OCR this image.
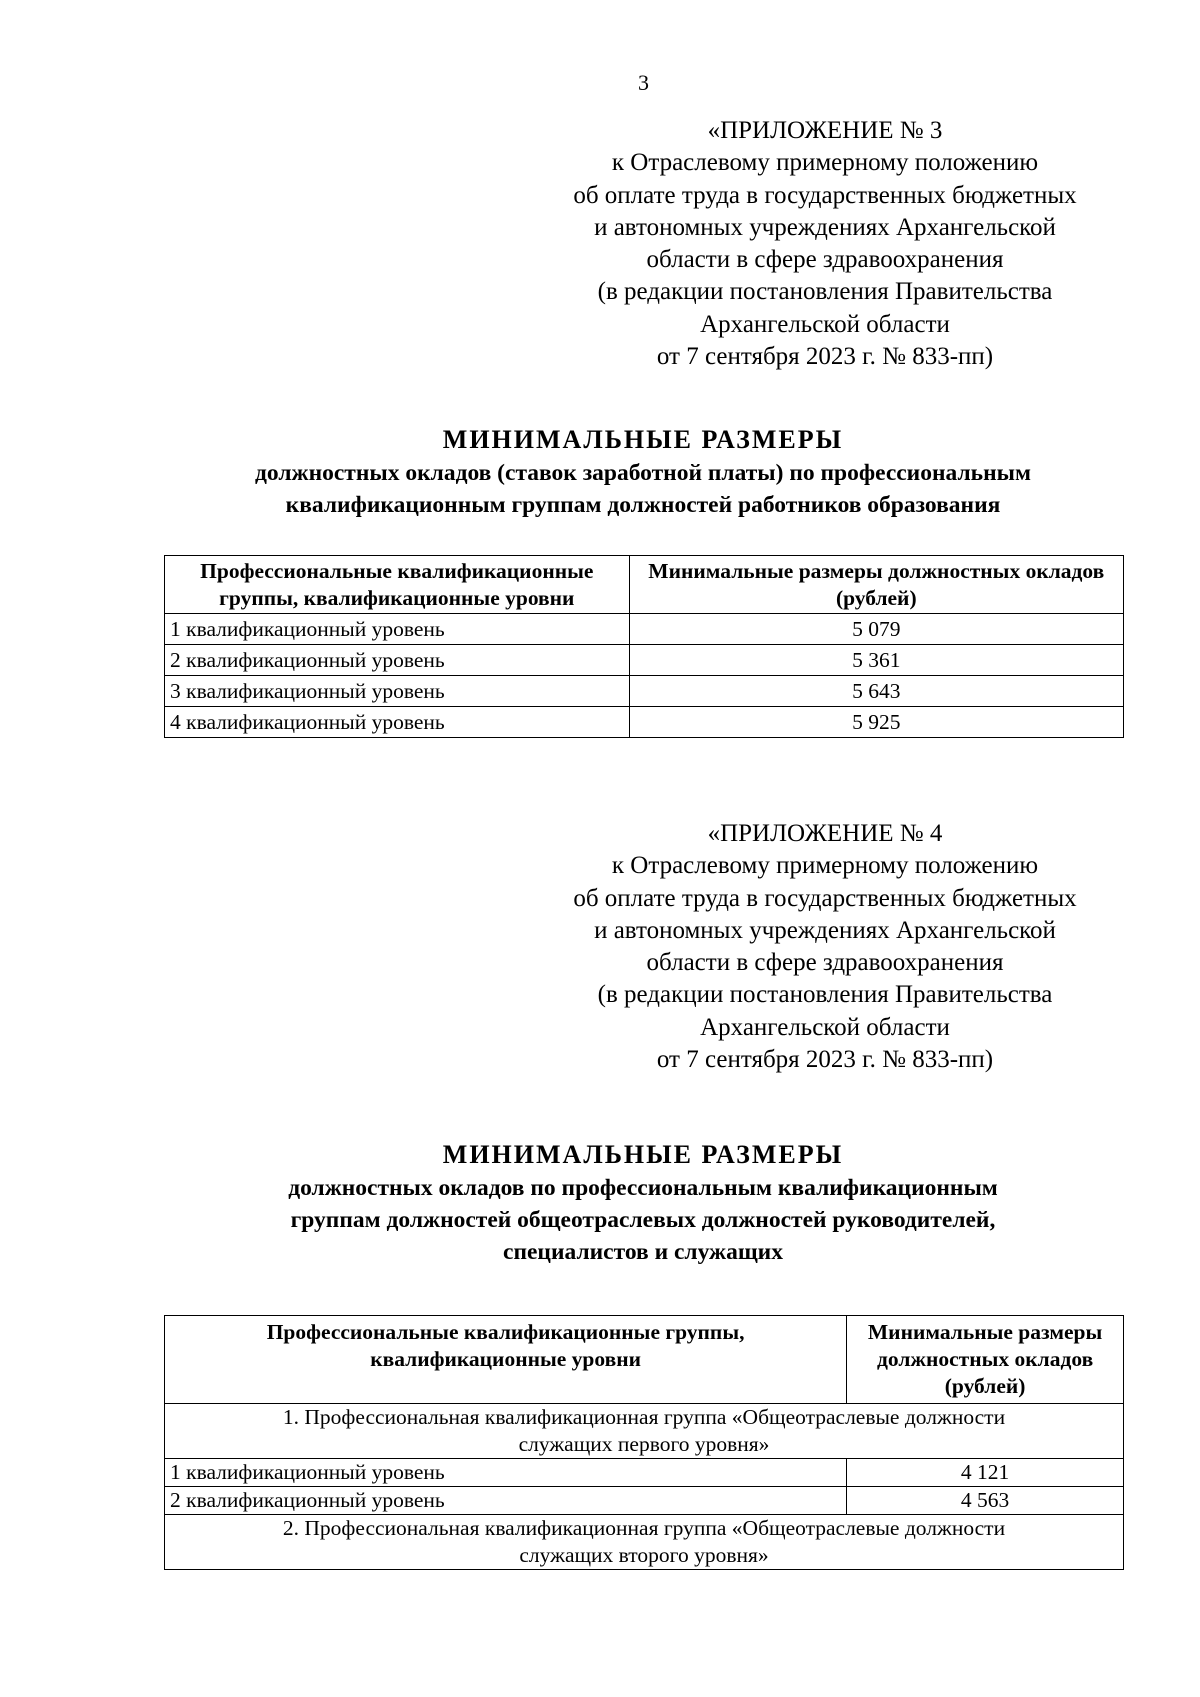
3
«ПРИЛОЖЕНИЕ № 3
к Отраслевому примерному положению
об оплате труда в государственных бюджетных
и автономных учреждениях Архангельской
области в сфере здравоохранения
(в редакции постановления Правительства
Архангельской области
от 7 сентября 2023 г. № 833-пп)
МИНИМАЛЬНЫЕ РАЗМЕРЫ
должностных окладов (ставок заработной платы) по профессиональным
квалификационным группам должностей работников образования
Профессиональные квалификационные группы, квалификационные уровни	Минимальные размеры должностных окладов (рублей)
1 квалификационный уровень	5 079
2 квалификационный уровень	5 361
3 квалификационный уровень	5 643
4 квалификационный уровень	5 925
«ПРИЛОЖЕНИЕ № 4
к Отраслевому примерному положению
об оплате труда в государственных бюджетных
и автономных учреждениях Архангельской
области в сфере здравоохранения
(в редакции постановления Правительства
Архангельской области
от 7 сентября 2023 г. № 833-пп)
МИНИМАЛЬНЫЕ РАЗМЕРЫ
должностных окладов по профессиональным квалификационным
группам должностей общеотраслевых должностей руководителей,
специалистов и служащих
Профессиональные квалификационные группы, квалификационные уровни	Минимальные размеры должностных окладов (рублей)
1. Профессиональная квалификационная группа «Общеотраслевые должности служащих первого уровня»	
1 квалификационный уровень	4 121
2 квалификационный уровень	4 563
2. Профессиональная квалификационная группа «Общеотраслевые должности служащих второго уровня»	
